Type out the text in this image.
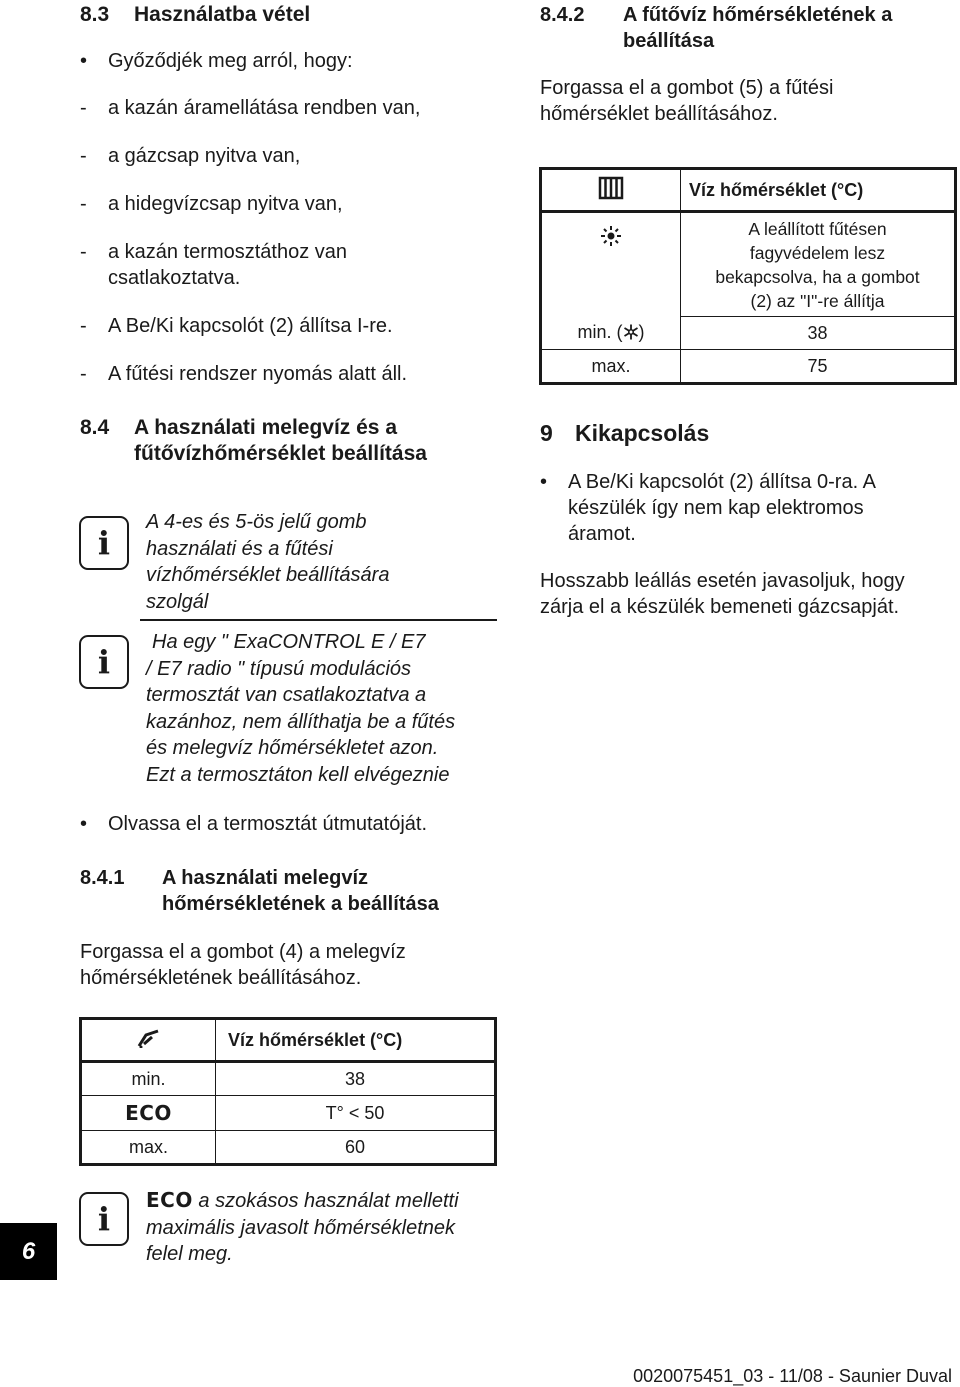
8.3 Használatba vétel
• Győződjék meg arról, hogy:
- a kazán áramellátása rendben van,
- a gázcsap nyitva van,
- a hidegvízcsap nyitva van,
- a kazán termosztáthoz van
csatlakoztatva.
- A Be/Ki kapcsolót (2) állítsa I-re.
- A fűtési rendszer nyomás alatt áll.
8.4 A használati melegvíz és a
fűtővízhőmérséklet beállítása
i
A 4-es és 5-ös jelű gomb
használati és a fűtési
vízhőmérséklet beállítására
szolgál
i
Ha egy " ExaCONTROL E / E7
/ E7 radio " típusú modulációs
termosztát van csatlakoztatva a
kazánhoz, nem állíthatja be a fűtés
és melegvíz hőmérsékletet azon.
Ezt a termosztáton kell elvégeznie
• Olvassa el a termosztát útmutatóját.
8.4.1 A használati melegvíz
hőmérsékletének a beállítása
Forgassa el a gombot (4) a melegvíz
hőmérsékletének beállításához.
	Víz hőmérséklet (°C)
min.	38
ECO	T° < 50
max.	60
i ECO a szokásos használat melletti
maximális javasolt hőmérsékletnek
felel meg.
8.4.2 A fűtővíz hőmérsékletének a
beállítása
Forgassa el a gombot (5) a fűtési
hőmérséklet beállításához.
	Víz hőmérséklet (°C)

A leállított fűtésen
fagyvédelem lesz
bekapcsolva, ha a gombot
(2) az "I"-re állítja

min. ( )	38
max.	75
9 Kikapcsolás
• A Be/Ki kapcsolót (2) állítsa 0-ra. A
készülék így nem kap elektromos
áramot.
Hosszabb leállás esetén javasoljuk, hogy
zárja el a készülék bemeneti gázcsapját.
6
0020075451_03 - 11/08 - Saunier Duval
